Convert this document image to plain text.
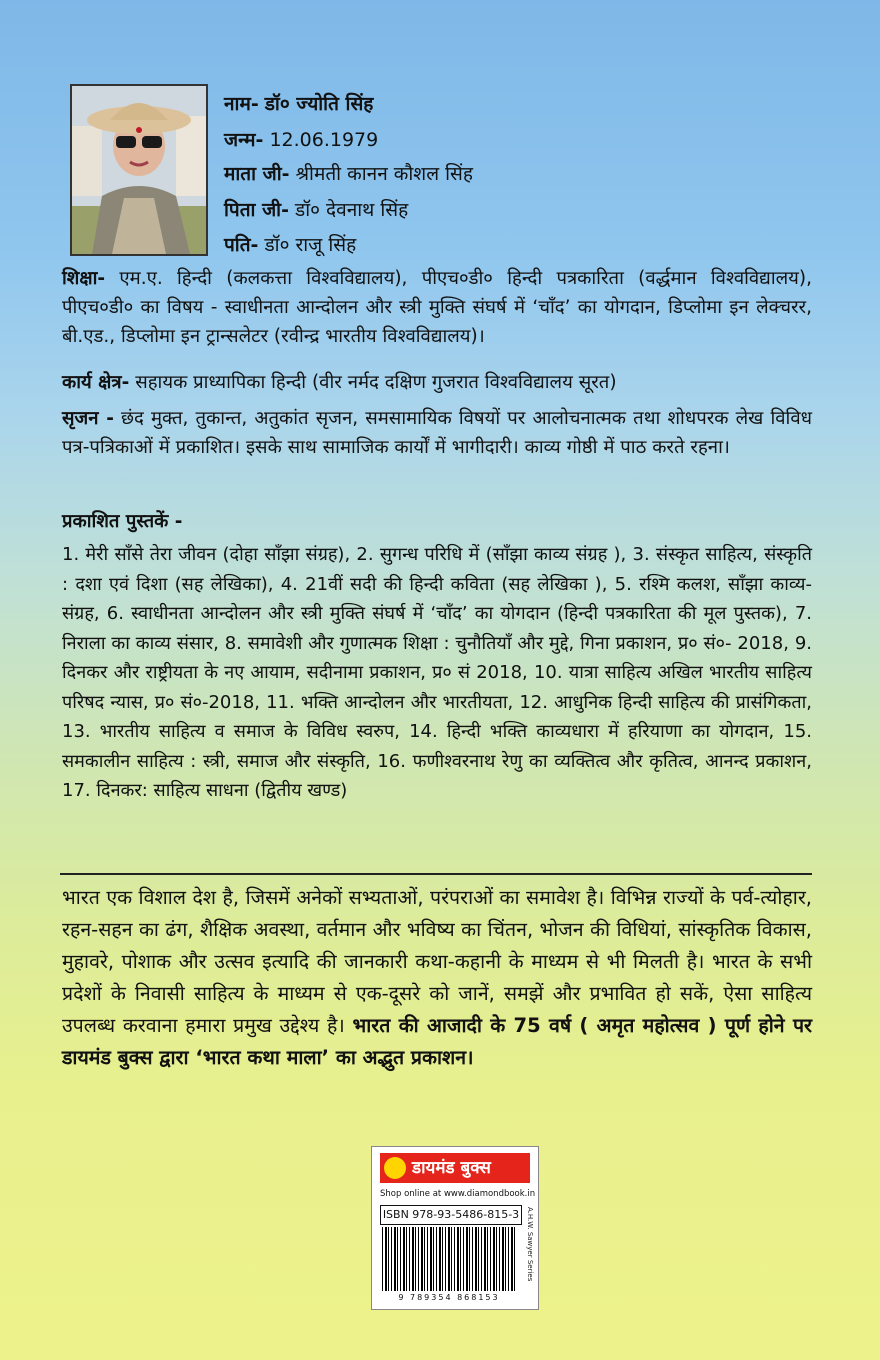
नाम- डॉ० ज्योति सिंह
जन्म- 12.06.1979
माता जी- श्रीमती कानन कौशल सिंह
पिता जी- डॉ० देवनाथ सिंह
पति- डॉ० राजू सिंह
शिक्षा- एम.ए. हिन्दी (कलकत्ता विश्वविद्यालय), पीएच०डी० हिन्दी पत्रकारिता (वर्द्धमान विश्वविद्यालय), पीएच०डी० का विषय - स्वाधीनता आन्दोलन और स्त्री मुक्ति संघर्ष में ‘चाँद’ का योगदान, डिप्लोमा इन लेक्चरर, बी.एड., डिप्लोमा इन ट्रान्सलेटर (रवीन्द्र भारतीय विश्वविद्यालय)।
कार्य क्षेत्र- सहायक प्राध्यापिका हिन्दी (वीर नर्मद दक्षिण गुजरात विश्वविद्यालय सूरत)
सृजन - छंद मुक्त, तुकान्त, अतुकांत सृजन, समसामायिक विषयों पर आलोचनात्मक तथा शोधपरक लेख विविध पत्र-पत्रिकाओं में प्रकाशित। इसके साथ सामाजिक कार्यों में भागीदारी। काव्य गोष्ठी में पाठ करते रहना।
प्रकाशित पुस्तकें -
1. मेरी साँसे तेरा जीवन (दोहा साँझा संग्रह), 2. सुगन्ध परिधि में (साँझा काव्य संग्रह ), 3. संस्कृत साहित्य, संस्कृति : दशा एवं दिशा (सह लेखिका), 4. 21वीं सदी की हिन्दी कविता (सह लेखिका ), 5. रश्मि कलश, साँझा काव्य- संग्रह, 6. स्वाधीनता आन्दोलन और स्त्री मुक्ति संघर्ष में ‘चाँद’ का योगदान (हिन्दी पत्रकारिता की मूल पुस्तक), 7. निराला का काव्य संसार, 8. समावेशी और गुणात्मक शिक्षा : चुनौतियाँ और मुद्दे, गिना प्रकाशन, प्र० सं०- 2018, 9. दिनकर और राष्ट्रीयता के नए आयाम, सदीनामा प्रकाशन, प्र० सं 2018, 10. यात्रा साहित्य अखिल भारतीय साहित्य परिषद न्यास, प्र० सं०-2018, 11. भक्ति आन्दोलन और भारतीयता, 12. आधुनिक हिन्दी साहित्य की प्रासंगिकता, 13. भारतीय साहित्य व समाज के विविध स्वरुप, 14. हिन्दी भक्ति काव्यधारा में हरियाणा का योगदान, 15. समकालीन साहित्य : स्त्री, समाज और संस्कृति, 16. फणीश्वरनाथ रेणु का व्यक्तित्व और कृतित्व, आनन्द प्रकाशन, 17. दिनकर: साहित्य साधना (द्वितीय खण्ड)
भारत एक विशाल देश है, जिसमें अनेकों सभ्यताओं, परंपराओं का समावेश है। विभिन्न राज्यों के पर्व-त्योहार, रहन-सहन का ढंग, शैक्षिक अवस्था, वर्तमान और भविष्य का चिंतन, भोजन की विधियां, सांस्कृतिक विकास, मुहावरे, पोशाक और उत्सव इत्यादि की जानकारी कथा-कहानी के माध्यम से भी मिलती है। भारत के सभी प्रदेशों के निवासी साहित्य के माध्यम से एक-दूसरे को जानें, समझें और प्रभावित हो सकें, ऐसा साहित्य उपलब्ध करवाना हमारा प्रमुख उद्देश्य है। भारत की आजादी के 75 वर्ष ( अमृत महोत्सव ) पूर्ण होने पर डायमंड बुक्स द्वारा ‘भारत कथा माला’ का अद्भुत प्रकाशन।
डायमंड बुक्स
Shop online at www.diamondbook.in
ISBN 978-93-5486-815-3
9 789354 868153
A.H.W. Sawyer Series
